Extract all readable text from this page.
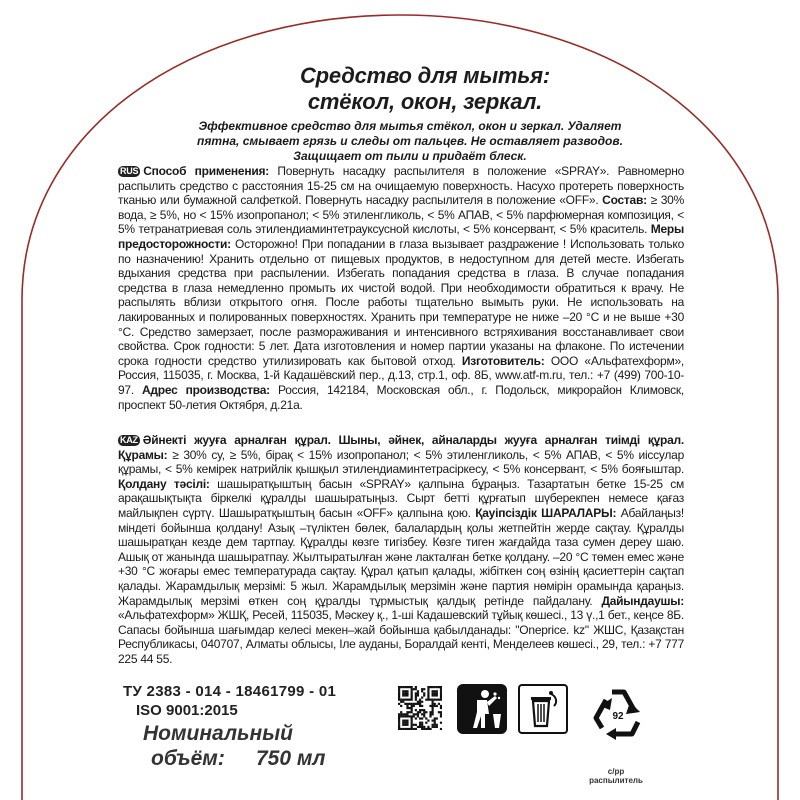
Средство для мытья:
стёкол, окон, зеркал.
Эффективное средство для мытья стёкол, окон и зеркал. Удаляет
пятна, смывает грязь и следы от пальцев. Не оставляет разводов.
Защищает от пыли и придаёт блеск.
RUS Способ применения: Повернуть насадку распылителя в положение «SPRAY». Равномерно распылить средство с расстояния 15-25 см на очищаемую поверхность. Насухо протереть поверхность тканью или бумажной салфеткой. Повернуть насадку распылителя в положение «OFF». Состав: ≥ 30% вода, ≥ 5%, но < 15% изопропанол; < 5% этиленгликоль, < 5% АПАВ, < 5% парфюмерная композиция, < 5% тетранатриевая соль этилендиаминтетрауксусной кислоты, < 5% консервант, < 5% краситель. Меры предосторожности: Осторожно! При попадании в глаза вызывает раздражение ! Использовать только по назначению! Хранить отдельно от пищевых продуктов, в недоступном для детей месте. Избегать вдыхания средства при распылении. Избегать попадания средства в глаза. В случае попадания средства в глаза немедленно промыть их чистой водой. При необходимости обратиться к врачу. Не распылять вблизи открытого огня. После работы тщательно вымыть руки. Не использовать на лакированных и полированных поверхностях. Хранить при температуре не ниже –20 °С и не выше +30 °С. Средство замерзает, после размораживания и интенсивного встряхивания восстанавливает свои свойства. Срок годности: 5 лет. Дата изготовления и номер партии указаны на флаконе. По истечении срока годности средство утилизировать как бытовой отход. Изготовитель: ООО «Альфатехформ», Россия, 115035, г. Москва, 1-й Кадашёвский пер., д.13, стр.1, оф. 8Б, www.atf-m.ru, тел.: +7 (499) 700-10-97. Адрес производства: Россия, 142184, Московская обл., г. Подольск, микрорайон Климовск, проспект 50-летия Октября, д.21а.
KAZ Әйнекті жууға арналған құрал. Шыны, әйнек, айналарды жууға арналған тиімді құрал. Құрамы: ≥ 30% су, ≥ 5%, бірақ < 15% изопропанол; < 5% этиленгликоль, < 5% АПАВ, < 5% иіссулар құрамы, < 5% кемірек натрийлік қышқыл этилендиаминтетрасіркесу, < 5% консервант, < 5% бояғыштар. Қолдану тәсілі: шашыратқыштың басын «SPRAY» қалпына бұраңыз. Тазартатын бетке 15-25 см арақашықтықта біркелкі құралды шашыратыңыз. Сырт бетті құрғатып шүберекпен немесе қағаз майлықпен сүртү. Шашыратқыштың басын «OFF» қалпына қою. Қауіпсіздік ШАРАЛАРЫ: Абайлаңыз! міндеті бойынша қолдану! Азық –түліктен бөлек, балалардың қолы жетпейтін жерде сақтау. Құралды шашыратқан кезде дем тартпау. Құралды көзге тигізбеу. Көзге тиген жағдайда таза сумен дереу шаю. Ашық от жанында шашыратпау. Жылтыратылған және лакталған бетке қолдану. –20 °С төмен емес және +30 °С жоғары емес температурада сақтау. Құрал қатып қалады, жібіткен соң өзінің қасиеттерін сақтап қалады. Жарамдылық мерзімі: 5 жыл. Жарамдылық мерзімін және партия нөмірін орамында қараңыз. Жарамдылық мерзімі өткен соң құралды тұрмыстық қалдық ретінде пайдалану. Дайындаушы: «Альфатехформ» ЖШҚ, Ресей, 115035, Мәскеу қ., 1-ші Кадашевский тұйық көшесі., 13 ү.,1 бет., кеңсе 8Б. Сапасы бойынша шағымдар келесі мекен–жай бойынша қабылданады: "Oneprice. kz" ЖШС, Қазақстан Республикасы, 040707, Алматы облысы, Іле ауданы, Боралдай кенті, Менделеев көшесі., 29, тел.: +7 777 225 44 55.
ТУ 2383 - 014 - 18461799 - 01
ISO 9001:2015
Номинальный
объём: 750 мл
92
с/рр
распылитель
